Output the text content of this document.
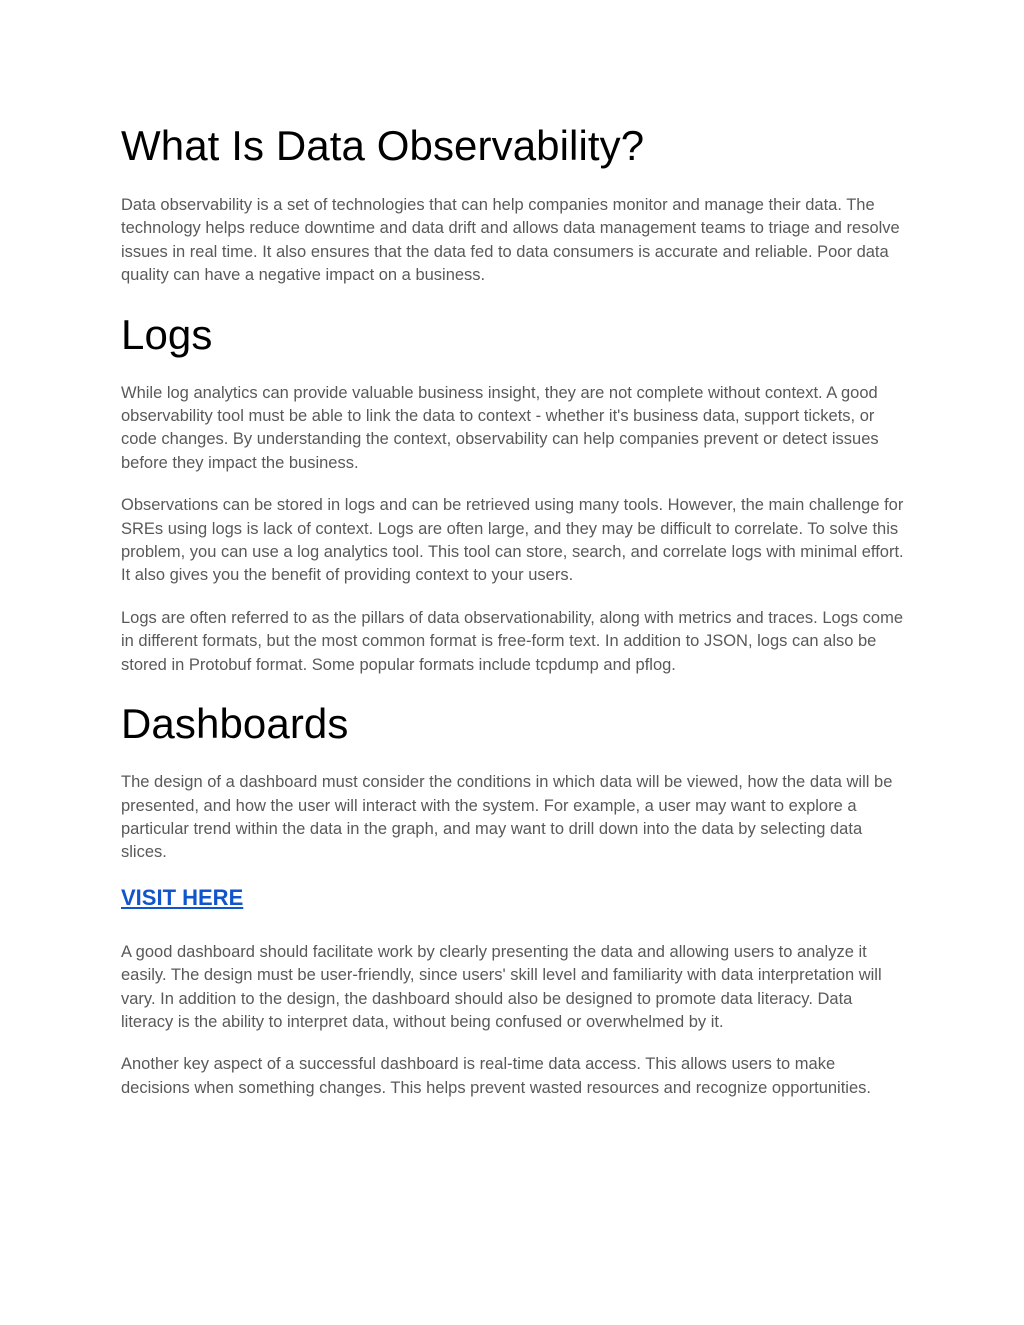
What Is Data Observability?

Data observability is a set of technologies that can help companies monitor and manage their data. The technology helps reduce downtime and data drift and allows data management teams to triage and resolve issues in real time. It also ensures that the data fed to data consumers is accurate and reliable. Poor data quality can have a negative impact on a business.

Logs

While log analytics can provide valuable business insight, they are not complete without context. A good observability tool must be able to link the data to context - whether it's business data, support tickets, or code changes. By understanding the context, observability can help companies prevent or detect issues before they impact the business.

Observations can be stored in logs and can be retrieved using many tools. However, the main challenge for SREs using logs is lack of context. Logs are often large, and they may be difficult to correlate. To solve this problem, you can use a log analytics tool. This tool can store, search, and correlate logs with minimal effort. It also gives you the benefit of providing context to your users.

Logs are often referred to as the pillars of data observationability, along with metrics and traces. Logs come in different formats, but the most common format is free-form text. In addition to JSON, logs can also be stored in Protobuf format. Some popular formats include tcpdump and pflog.

Dashboards

The design of a dashboard must consider the conditions in which data will be viewed, how the data will be presented, and how the user will interact with the system. For example, a user may want to explore a particular trend within the data in the graph, and may want to drill down into the data by selecting data slices.

VISIT HERE

A good dashboard should facilitate work by clearly presenting the data and allowing users to analyze it easily. The design must be user-friendly, since users' skill level and familiarity with data interpretation will vary. In addition to the design, the dashboard should also be designed to promote data literacy. Data literacy is the ability to interpret data, without being confused or overwhelmed by it.

Another key aspect of a successful dashboard is real-time data access. This allows users to make decisions when something changes. This helps prevent wasted resources and recognize opportunities.
